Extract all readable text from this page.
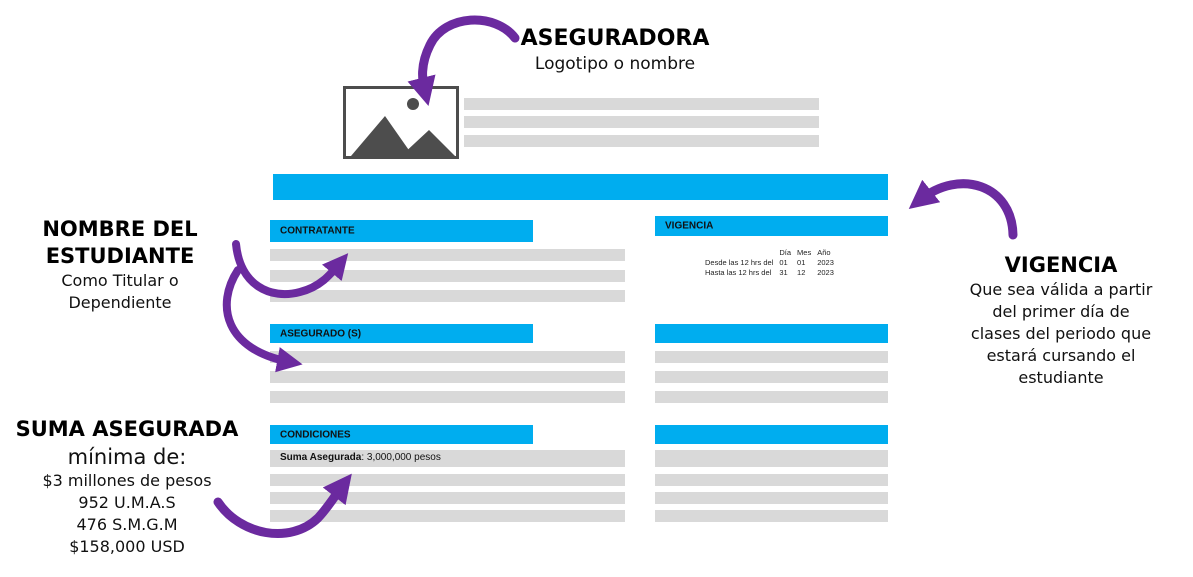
CONTRATANTE	VIGENCIA
	Día	Mes	Año
Desde las 12 hrs del	01	01	2023
Hasta las 12 hrs del	31	12	2023
ASEGURADO (S)
CONDICIONES
Suma Asegurada: 3,000,000 pesos
ASEGURADORA
Logotipo o nombre
NOMBRE DEL
ESTUDIANTE
Como Titular o
Dependiente
VIGENCIA
Que sea válida a partir
del primer día de
clases del periodo que
estará cursando el
estudiante
SUMA ASEGURADA
mínima de:
$3 millones de pesos
952 U.M.A.S
476 S.M.G.M
$158,000 USD
